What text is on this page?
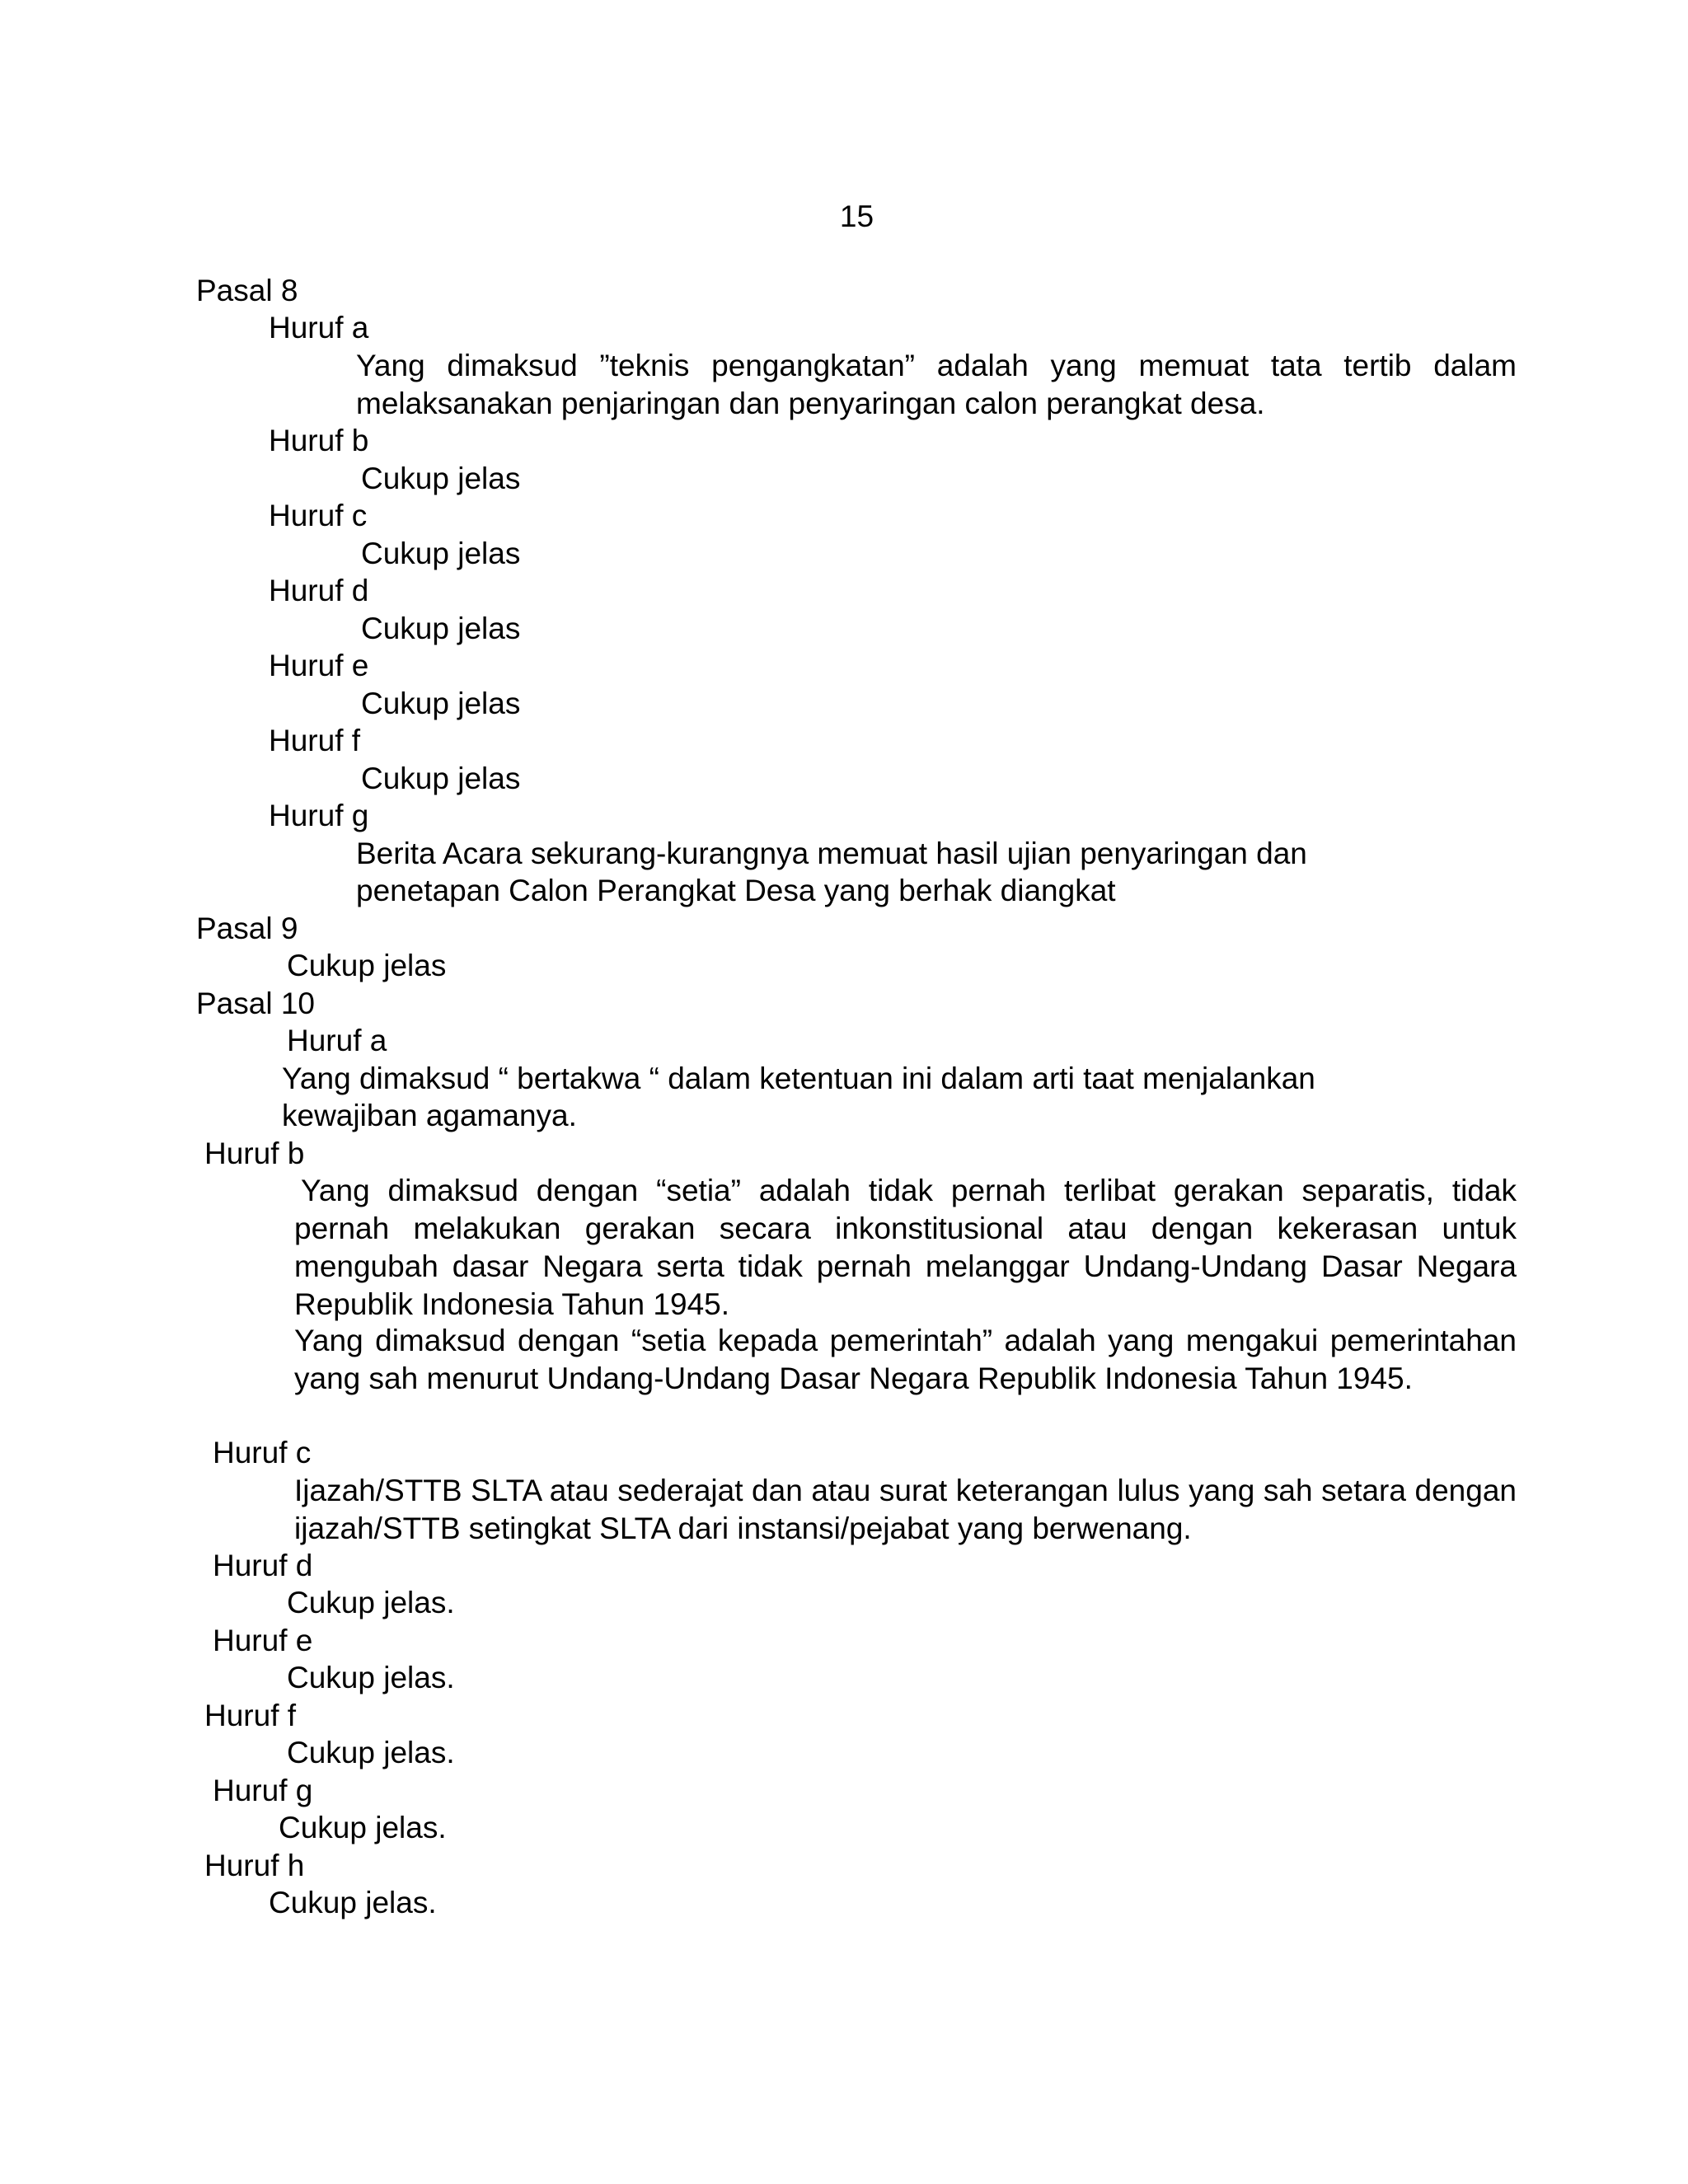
15

Pasal 8

Huruf a

Yang dimaksud ”teknis pengangkatan” adalah yang memuat tata tertib dalam melaksanakan penjaringan dan penyaringan calon perangkat desa.

Huruf b

Cukup jelas

Huruf c

Cukup jelas

Huruf d

Cukup jelas

Huruf e

Cukup jelas

Huruf f

Cukup jelas

Huruf g

Berita Acara sekurang-kurangnya memuat hasil ujian penyaringan dan

penetapan Calon Perangkat Desa yang berhak diangkat

Pasal 9

Cukup jelas

Pasal 10

Huruf a

Yang dimaksud “ bertakwa “ dalam ketentuan ini dalam arti taat menjalankan

kewajiban agamanya.

Huruf b

Yang dimaksud dengan “setia” adalah tidak pernah terlibat gerakan separatis, tidak pernah melakukan gerakan secara inkonstitusional atau dengan kekerasan untuk mengubah dasar Negara serta tidak pernah melanggar Undang-Undang Dasar Negara Republik Indonesia Tahun 1945.

Yang dimaksud dengan “setia kepada pemerintah” adalah yang mengakui pemerintahan yang sah menurut Undang-Undang Dasar Negara Republik Indonesia Tahun 1945.

Huruf c

Ijazah/STTB SLTA atau sederajat dan atau surat keterangan lulus yang sah setara dengan ijazah/STTB setingkat SLTA dari instansi/pejabat yang berwenang.

Huruf d

Cukup jelas.

Huruf e

Cukup jelas.

Huruf f

Cukup jelas.

Huruf g

Cukup jelas.

Huruf h

Cukup jelas.
